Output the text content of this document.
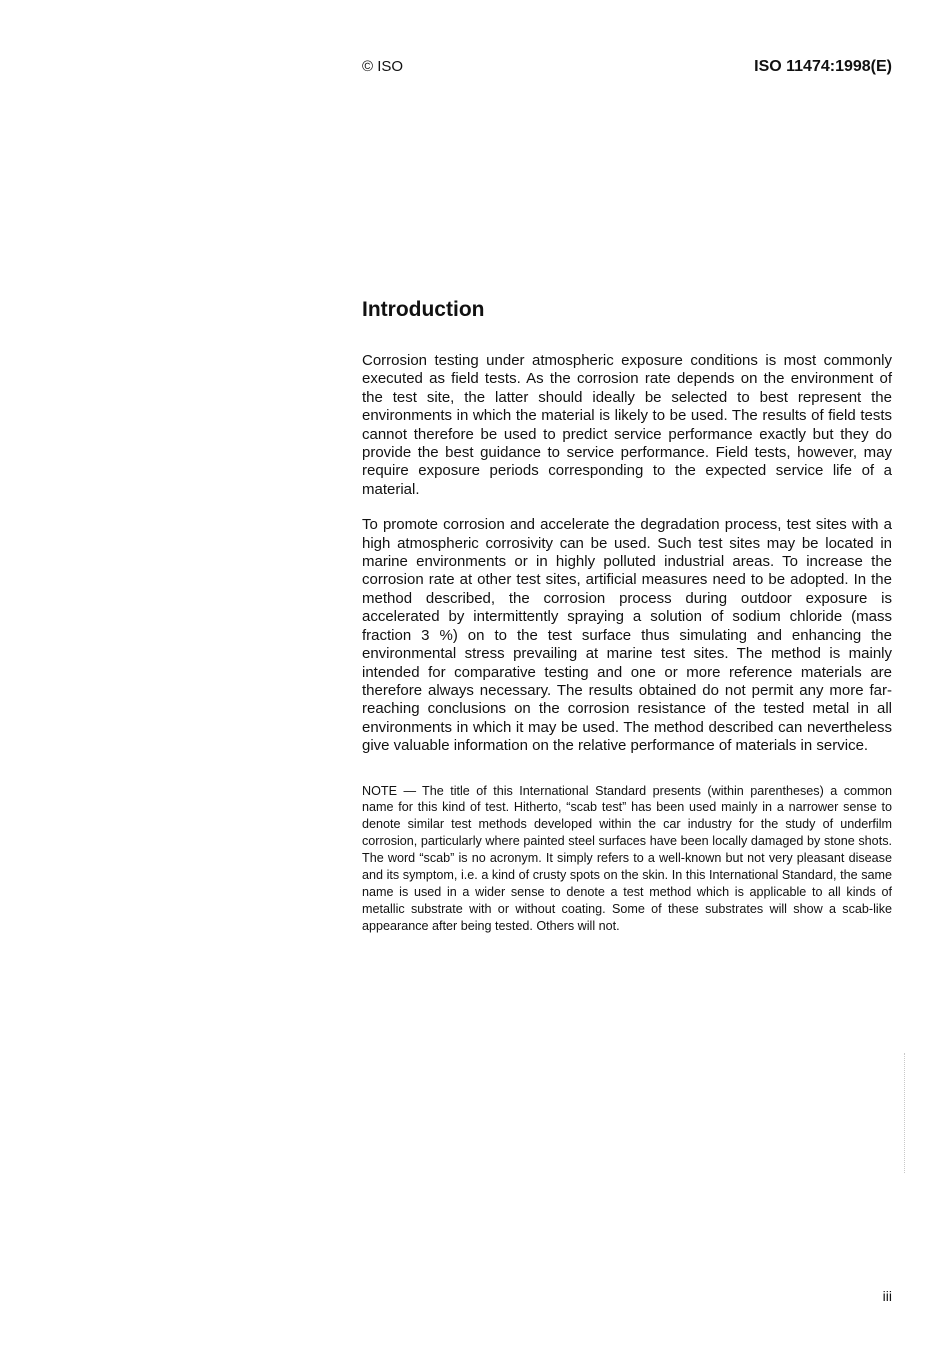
© ISO	ISO 11474:1998(E)
Introduction

Corrosion testing under atmospheric exposure conditions is most commonly executed as field tests. As the corrosion rate depends on the environment of the test site, the latter should ideally be selected to best represent the environments in which the material is likely to be used. The results of field tests cannot therefore be used to predict service performance exactly but they do provide the best guidance to service performance. Field tests, however, may require exposure periods corresponding to the expected service life of a material.

To promote corrosion and accelerate the degradation process, test sites with a high atmospheric corrosivity can be used. Such test sites may be located in marine environments or in highly polluted industrial areas. To increase the corrosion rate at other test sites, artificial measures need to be adopted. In the method described, the corrosion process during outdoor exposure is accelerated by intermittently spraying a solution of sodium chloride (mass fraction 3 %) on to the test surface thus simulating and enhancing the environmental stress prevailing at marine test sites. The method is mainly intended for comparative testing and one or more reference materials are therefore always necessary. The results obtained do not permit any more far-reaching conclusions on the corrosion resistance of the tested metal in all environments in which it may be used. The method described can nevertheless give valuable information on the relative performance of materials in service.

NOTE — The title of this International Standard presents (within parentheses) a common name for this kind of test. Hitherto, “scab test” has been used mainly in a narrower sense to denote similar test methods developed within the car industry for the study of underfilm corrosion, particularly where painted steel surfaces have been locally damaged by stone shots. The word “scab” is no acronym. It simply refers to a well-known but not very pleasant disease and its symptom, i.e. a kind of crusty spots on the skin. In this International Standard, the same name is used in a wider sense to denote a test method which is applicable to all kinds of metallic substrate with or without coating. Some of these substrates will show a scab-like appearance after being tested. Others will not.

iii
